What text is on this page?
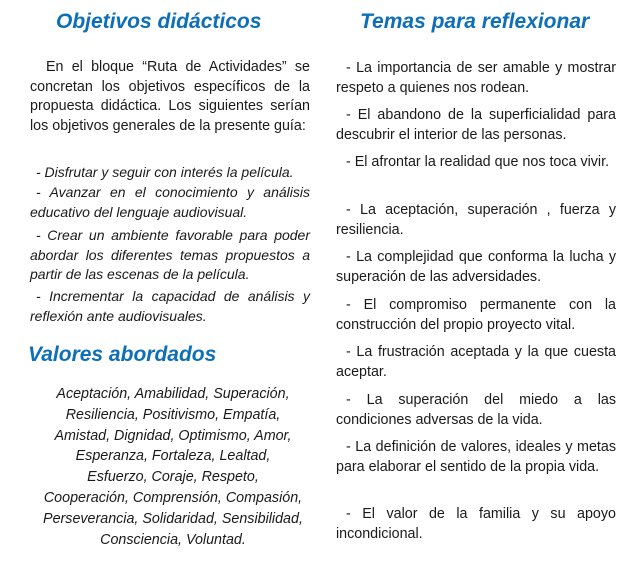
Objetivos didácticos

En el bloque “Ruta de Actividades” se concretan los objetivos específicos de la propuesta didáctica. Los siguientes serían los objetivos generales de la presente guía:

- Disfrutar y seguir con interés la película.

- Avanzar en el conocimiento y análisis educativo del lenguaje audiovisual.

- Crear un ambiente favorable para poder abordar los diferentes temas propuestos a partir de las escenas de la película.

- Incrementar la capacidad de análisis y reflexión ante audiovisuales.

Valores abordados
Aceptación, Amabilidad, Superación,
Resiliencia, Positivismo, Empatía,
Amistad, Dignidad, Optimismo, Amor,
Esperanza, Fortaleza, Lealtad,
Esfuerzo, Coraje, Respeto,
Cooperación, Comprensión, Compasión,
Perseverancia, Solidaridad, Sensibilidad,
Consciencia, Voluntad.
Temas para reflexionar

- La importancia de ser amable y mostrar respeto a quienes nos rodean.

- El abandono de la superficialidad para descubrir el interior de las personas.

- El afrontar la realidad que nos toca vivir.

- La aceptación, superación , fuerza y resiliencia.

- La complejidad que conforma la lucha y superación de las adversidades.

- El compromiso permanente con la construcción del propio proyecto vital.

- La frustración aceptada y la que cuesta aceptar.

- La superación del miedo a las condiciones adversas de la vida.

- La definición de valores, ideales y metas para elaborar el sentido de la propia vida.

- El valor de la familia y su apoyo incondicional.
